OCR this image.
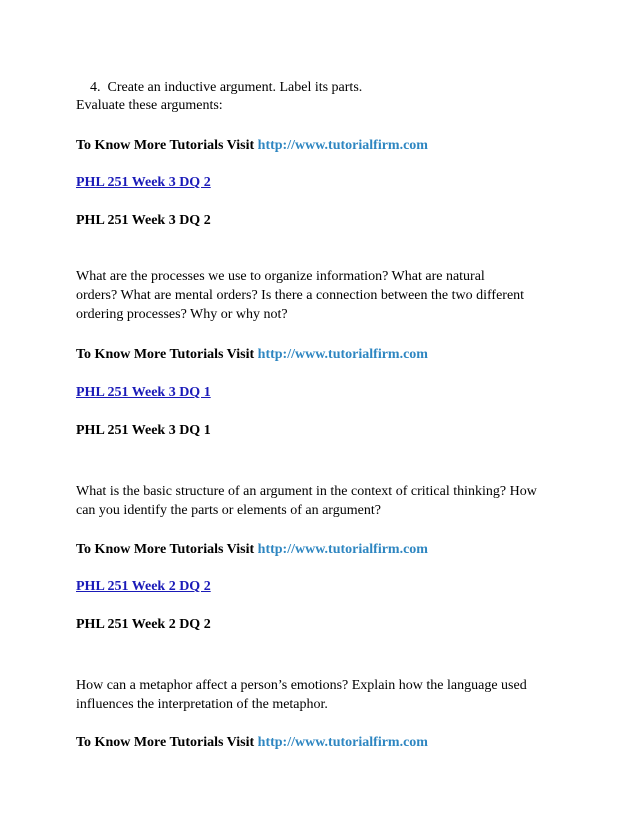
4. Create an inductive argument. Label its parts.
Evaluate these arguments:
To Know More Tutorials Visit http://www.tutorialfirm.com
PHL 251 Week 3 DQ 2
PHL 251 Week 3 DQ 2
What are the processes we use to organize information? What are natural
orders? What are mental orders? Is there a connection between the two different
ordering processes? Why or why not?
To Know More Tutorials Visit http://www.tutorialfirm.com
PHL 251 Week 3 DQ 1
PHL 251 Week 3 DQ 1
What is the basic structure of an argument in the context of critical thinking? How
can you identify the parts or elements of an argument?
To Know More Tutorials Visit http://www.tutorialfirm.com
PHL 251 Week 2 DQ 2
PHL 251 Week 2 DQ 2
How can a metaphor affect a person’s emotions? Explain how the language used
influences the interpretation of the metaphor.
To Know More Tutorials Visit http://www.tutorialfirm.com
